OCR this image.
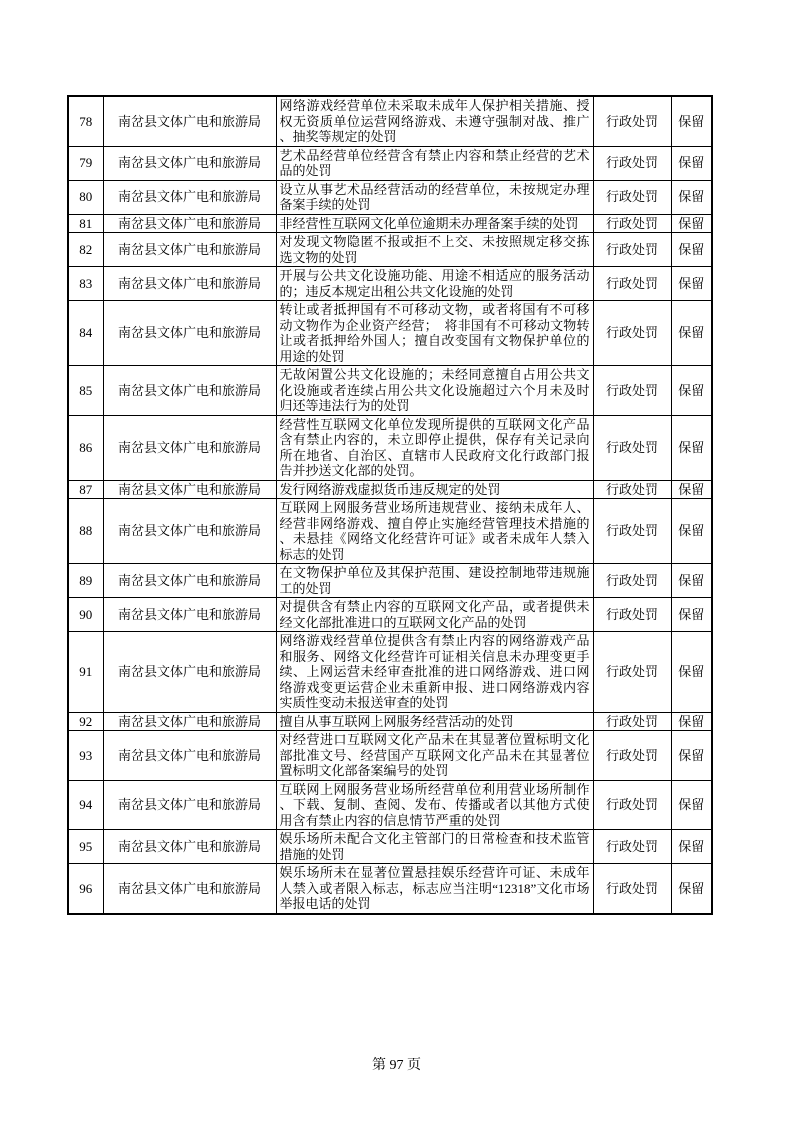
78	南岔县文体广电和旅游局	网络游戏经营单位未采取未成年人保护相关措施、授权无资质单位运营网络游戏、未遵守强制对战、推广、抽奖等规定的处罚	行政处罚	保留
79	南岔县文体广电和旅游局	艺术品经营单位经营含有禁止内容和禁止经营的艺术品的处罚	行政处罚	保留
80	南岔县文体广电和旅游局	设立从事艺术品经营活动的经营单位，未按规定办理备案手续的处罚	行政处罚	保留
81	南岔县文体广电和旅游局	非经营性互联网文化单位逾期未办理备案手续的处罚	行政处罚	保留
82	南岔县文体广电和旅游局	对发现文物隐匿不报或拒不上交、未按照规定移交拣选文物的处罚	行政处罚	保留
83	南岔县文体广电和旅游局	开展与公共文化设施功能、用途不相适应的服务活动的；违反本规定出租公共文化设施的处罚	行政处罚	保留
84	南岔县文体广电和旅游局	转让或者抵押国有不可移动文物，或者将国有不可移动文物作为企业资产经营；　将非国有不可移动文物转让或者抵押给外国人；擅自改变国有文物保护单位的用途的处罚	行政处罚	保留
85	南岔县文体广电和旅游局	无故闲置公共文化设施的；未经同意擅自占用公共文化设施或者连续占用公共文化设施超过六个月未及时归还等违法行为的处罚	行政处罚	保留
86	南岔县文体广电和旅游局	经营性互联网文化单位发现所提供的互联网文化产品含有禁止内容的，未立即停止提供，保存有关记录向所在地省、自治区、直辖市人民政府文化行政部门报告并抄送文化部的处罚。	行政处罚	保留
87	南岔县文体广电和旅游局	发行网络游戏虚拟货币违反规定的处罚	行政处罚	保留
88	南岔县文体广电和旅游局	互联网上网服务营业场所违规营业、接纳未成年人、经营非网络游戏、擅自停止实施经营管理技术措施的、未悬挂《网络文化经营许可证》或者未成年人禁入标志的处罚	行政处罚	保留
89	南岔县文体广电和旅游局	在文物保护单位及其保护范围、建设控制地带违规施工的处罚	行政处罚	保留
90	南岔县文体广电和旅游局	对提供含有禁止内容的互联网文化产品，或者提供未经文化部批准进口的互联网文化产品的处罚	行政处罚	保留
91	南岔县文体广电和旅游局	网络游戏经营单位提供含有禁止内容的网络游戏产品和服务、网络文化经营许可证相关信息未办理变更手续、上网运营未经审查批准的进口网络游戏、进口网络游戏变更运营企业未重新申报、进口网络游戏内容实质性变动未报送审查的处罚	行政处罚	保留
92	南岔县文体广电和旅游局	擅自从事互联网上网服务经营活动的处罚	行政处罚	保留
93	南岔县文体广电和旅游局	对经营进口互联网文化产品未在其显著位置标明文化部批准文号、经营国产互联网文化产品未在其显著位置标明文化部备案编号的处罚	行政处罚	保留
94	南岔县文体广电和旅游局	互联网上网服务营业场所经营单位利用营业场所制作、下载、复制、查阅、发布、传播或者以其他方式使用含有禁止内容的信息情节严重的处罚	行政处罚	保留
95	南岔县文体广电和旅游局	娱乐场所未配合文化主管部门的日常检查和技术监管措施的处罚	行政处罚	保留
96	南岔县文体广电和旅游局	娱乐场所未在显著位置悬挂娱乐经营许可证、未成年人禁入或者限入标志，标志应当注明“12318”文化市场举报电话的处罚	行政处罚	保留
第 97 页
